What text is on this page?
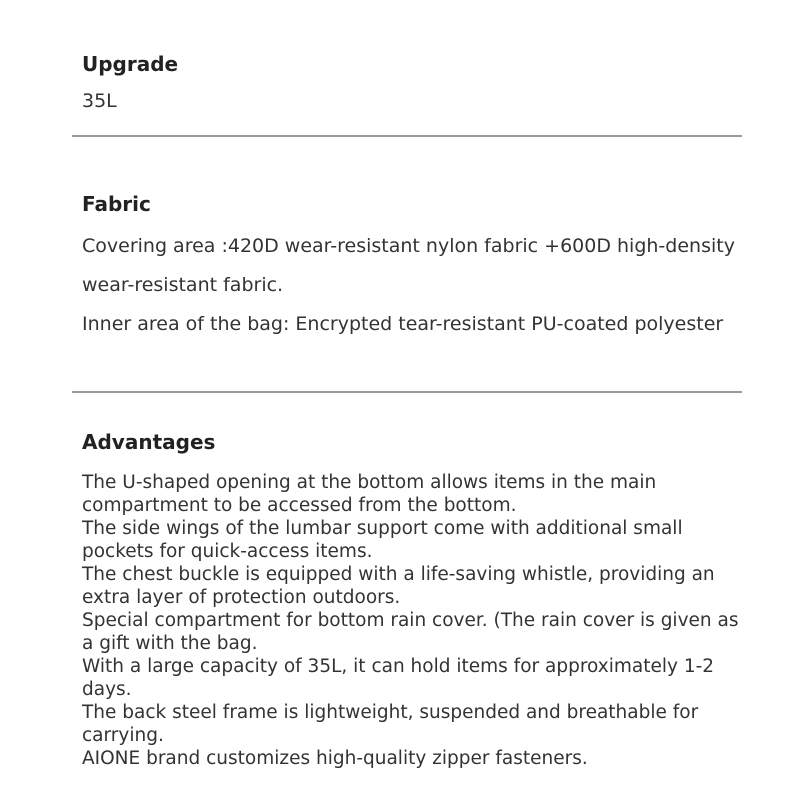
Upgrade
35L
Fabric
Covering area :420D wear-resistant nylon fabric +600D high-density
wear-resistant fabric.
Inner area of the bag: Encrypted tear-resistant PU-coated polyester
Advantages
The U-shaped opening at the bottom allows items in the main compartment to be accessed from the bottom.
The side wings of the lumbar support come with additional small pockets for quick-access items.
The chest buckle is equipped with a life-saving whistle, providing an extra layer of protection outdoors.
Special compartment for bottom rain cover. (The rain cover is given as a gift with the bag.
With a large capacity of 35L, it can hold items for approximately 1-2 days.
The back steel frame is lightweight, suspended and breathable for carrying.
AIONE brand customizes high-quality zipper fasteners.
